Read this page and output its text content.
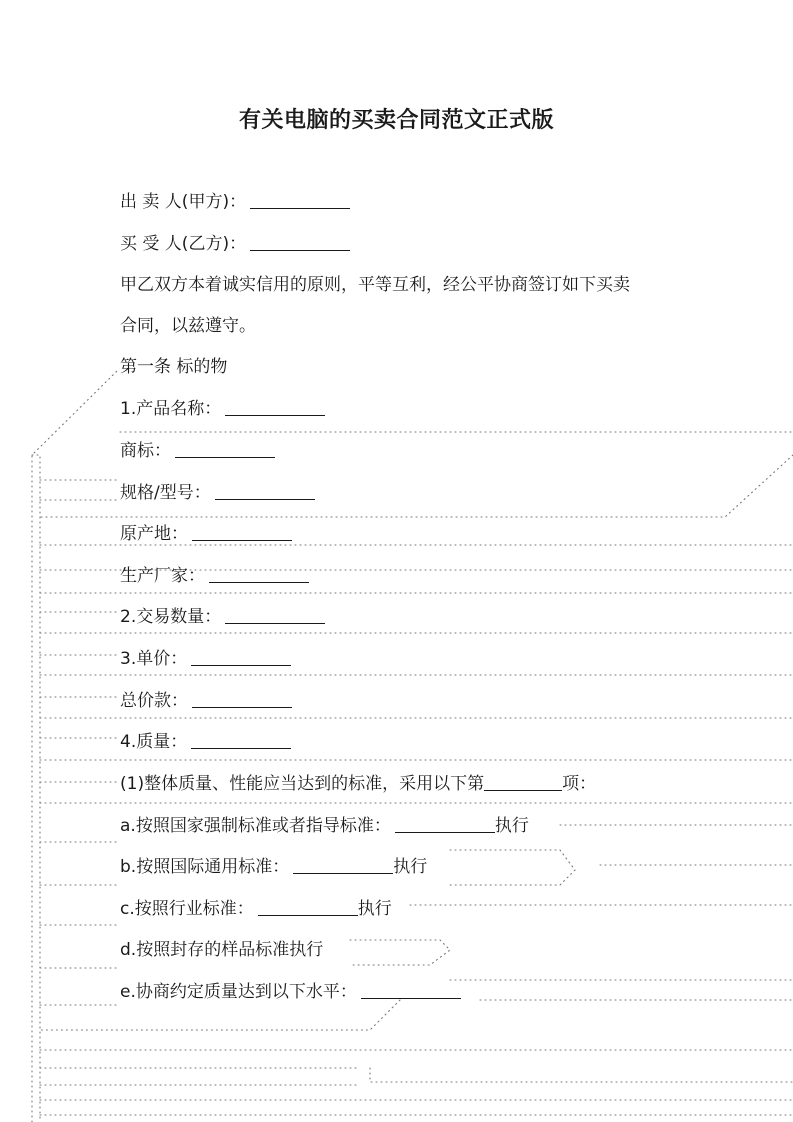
有关电脑的买卖合同范文正式版
出 卖 人(甲方)：
买 受 人(乙方)：
甲乙双方本着诚实信用的原则，平等互利，经公平协商签订如下买卖
合同，以兹遵守。
第一条 标的物
1.产品名称：
商标：
规格/型号：
原产地：
生产厂家：
2.交易数量：
3.单价：
总价款：
4.质量：
(1)整体质量、性能应当达到的标准，采用以下第	项：
a.按照国家强制标准或者指导标准：	执行
b.按照国际通用标准：	执行
c.按照行业标准：	执行
d.按照封存的样品标准执行
e.协商约定质量达到以下水平：
